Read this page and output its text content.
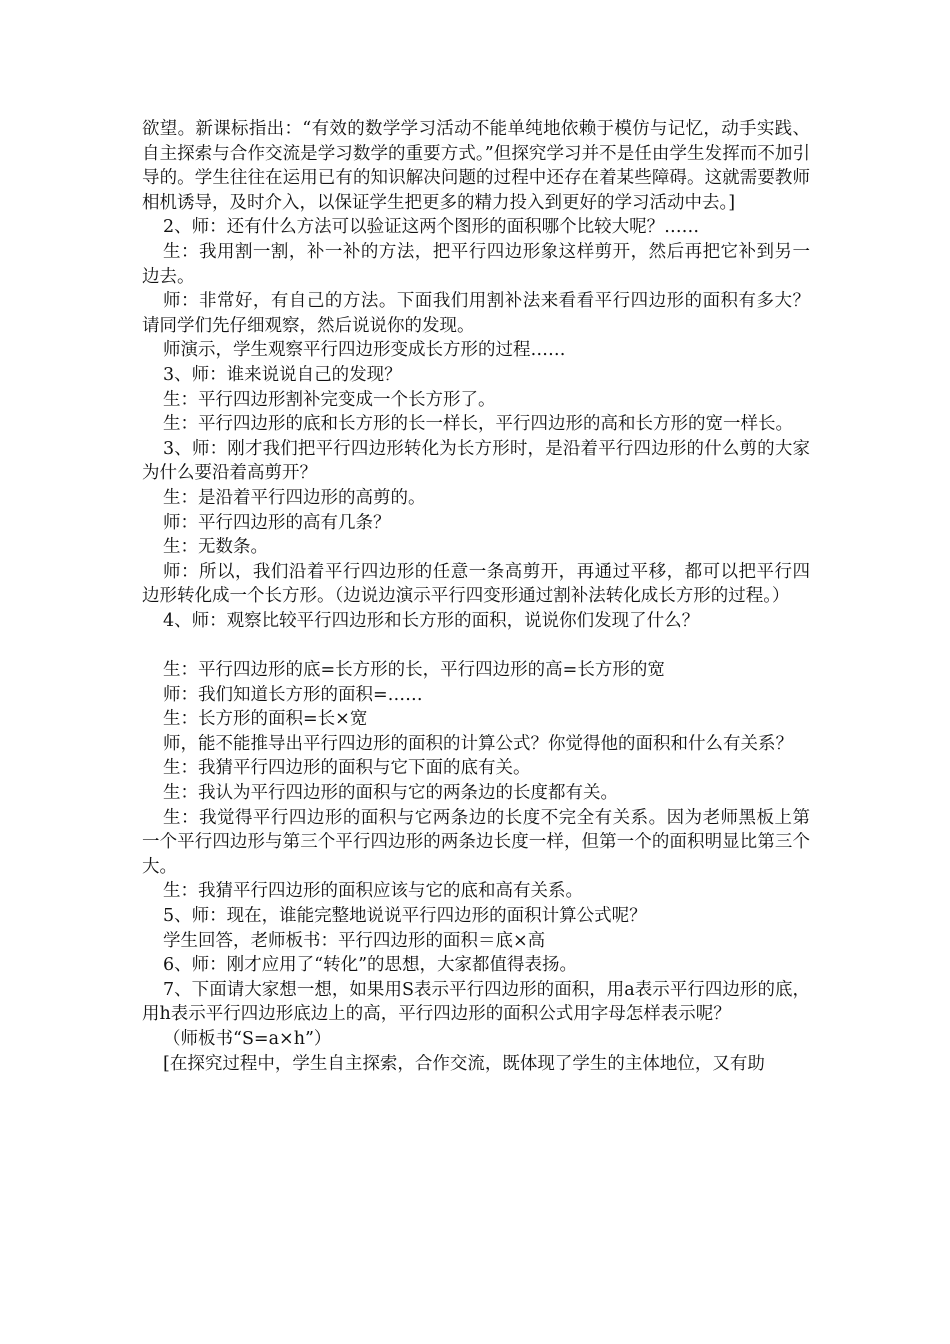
欲望。新课标指出：“有效的数学学习活动不能单纯地依赖于模仿与记忆，动手实践、自主探索与合作交流是学习数学的重要方式。”但探究学习并不是任由学生发挥而不加引导的。学生往往在运用已有的知识解决问题的过程中还存在着某些障碍。这就需要教师相机诱导，及时介入，以保证学生把更多的精力投入到更好的学习活动中去。]

2、师：还有什么方法可以验证这两个图形的面积哪个比较大呢？……

生：我用割一割，补一补的方法，把平行四边形象这样剪开，然后再把它补到另一边去。

师：非常好，有自己的方法。下面我们用割补法来看看平行四边形的面积有多大？请同学们先仔细观察，然后说说你的发现。

师演示，学生观察平行四边形变成长方形的过程……

3、师：谁来说说自己的发现？

生：平行四边形割补完变成一个长方形了。

生：平行四边形的底和长方形的长一样长，平行四边形的高和长方形的宽一样长。

3、师：刚才我们把平行四边形转化为长方形时，是沿着平行四边形的什么剪的大家为什么要沿着高剪开？

生：是沿着平行四边形的高剪的。

师：平行四边形的高有几条？

生：无数条。

师：所以，我们沿着平行四边形的任意一条高剪开，再通过平移，都可以把平行四边形转化成一个长方形。（边说边演示平行四变形通过割补法转化成长方形的过程。）

4、师：观察比较平行四边形和长方形的面积，说说你们发现了什么？

生：平行四边形的底=长方形的长，平行四边形的高=长方形的宽

师：我们知道长方形的面积=……

生：长方形的面积=长×宽

师，能不能推导出平行四边形的面积的计算公式？你觉得他的面积和什么有关系？

生：我猜平行四边形的面积与它下面的底有关。

生：我认为平行四边形的面积与它的两条边的长度都有关。

生：我觉得平行四边形的面积与它两条边的长度不完全有关系。因为老师黑板上第一个平行四边形与第三个平行四边形的两条边长度一样，但第一个的面积明显比第三个大。

生：我猜平行四边形的面积应该与它的底和高有关系。

5、师：现在，谁能完整地说说平行四边形的面积计算公式呢？

学生回答，老师板书：平行四边形的面积＝底×高

6、师：刚才应用了“转化”的思想，大家都值得表扬。

7、下面请大家想一想，如果用S表示平行四边形的面积，用a表示平行四边形的底，用h表示平行四边形底边上的高，平行四边形的面积公式用字母怎样表示呢？

（师板书“S=a×h”）

[在探究过程中，学生自主探索，合作交流，既体现了学生的主体地位，又有助
